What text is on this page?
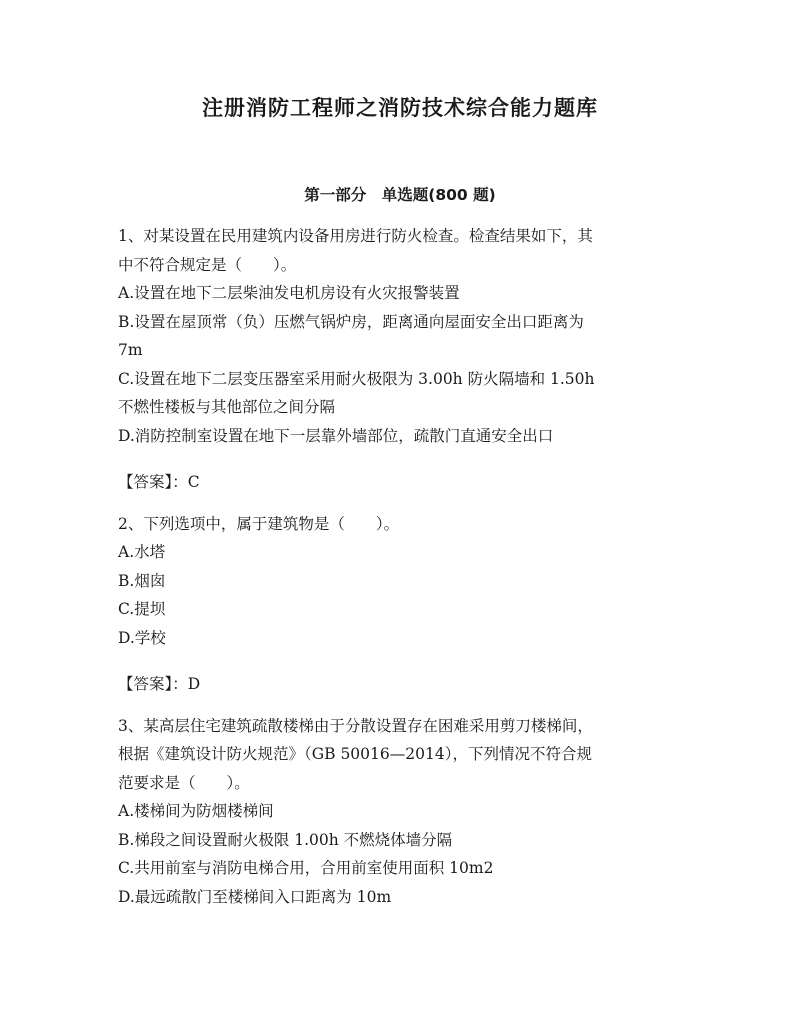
注册消防工程师之消防技术综合能力题库
第一部分　单选题(800 题)
1、对某设置在民用建筑内设备用房进行防火检查。检查结果如下，其
中不符合规定是（　　）。
A.设置在地下二层柴油发电机房设有火灾报警装置
B.设置在屋顶常（负）压燃气锅炉房，距离通向屋面安全出口距离为
7m
C.设置在地下二层变压器室采用耐火极限为 3.00h 防火隔墙和 1.50h
不燃性楼板与其他部位之间分隔
D.消防控制室设置在地下一层靠外墙部位，疏散门直通安全出口
【答案】：C
2、下列选项中，属于建筑物是（　　）。
A.水塔
B.烟囱
C.提坝
D.学校
【答案】：D
3、某高层住宅建筑疏散楼梯由于分散设置存在困难采用剪刀楼梯间，
根据《建筑设计防火规范》（GB 50016—2014），下列情况不符合规
范要求是（　　）。
A.楼梯间为防烟楼梯间
B.梯段之间设置耐火极限 1.00h 不燃烧体墙分隔
C.共用前室与消防电梯合用，合用前室使用面积 10m2
D.最远疏散门至楼梯间入口距离为 10m
